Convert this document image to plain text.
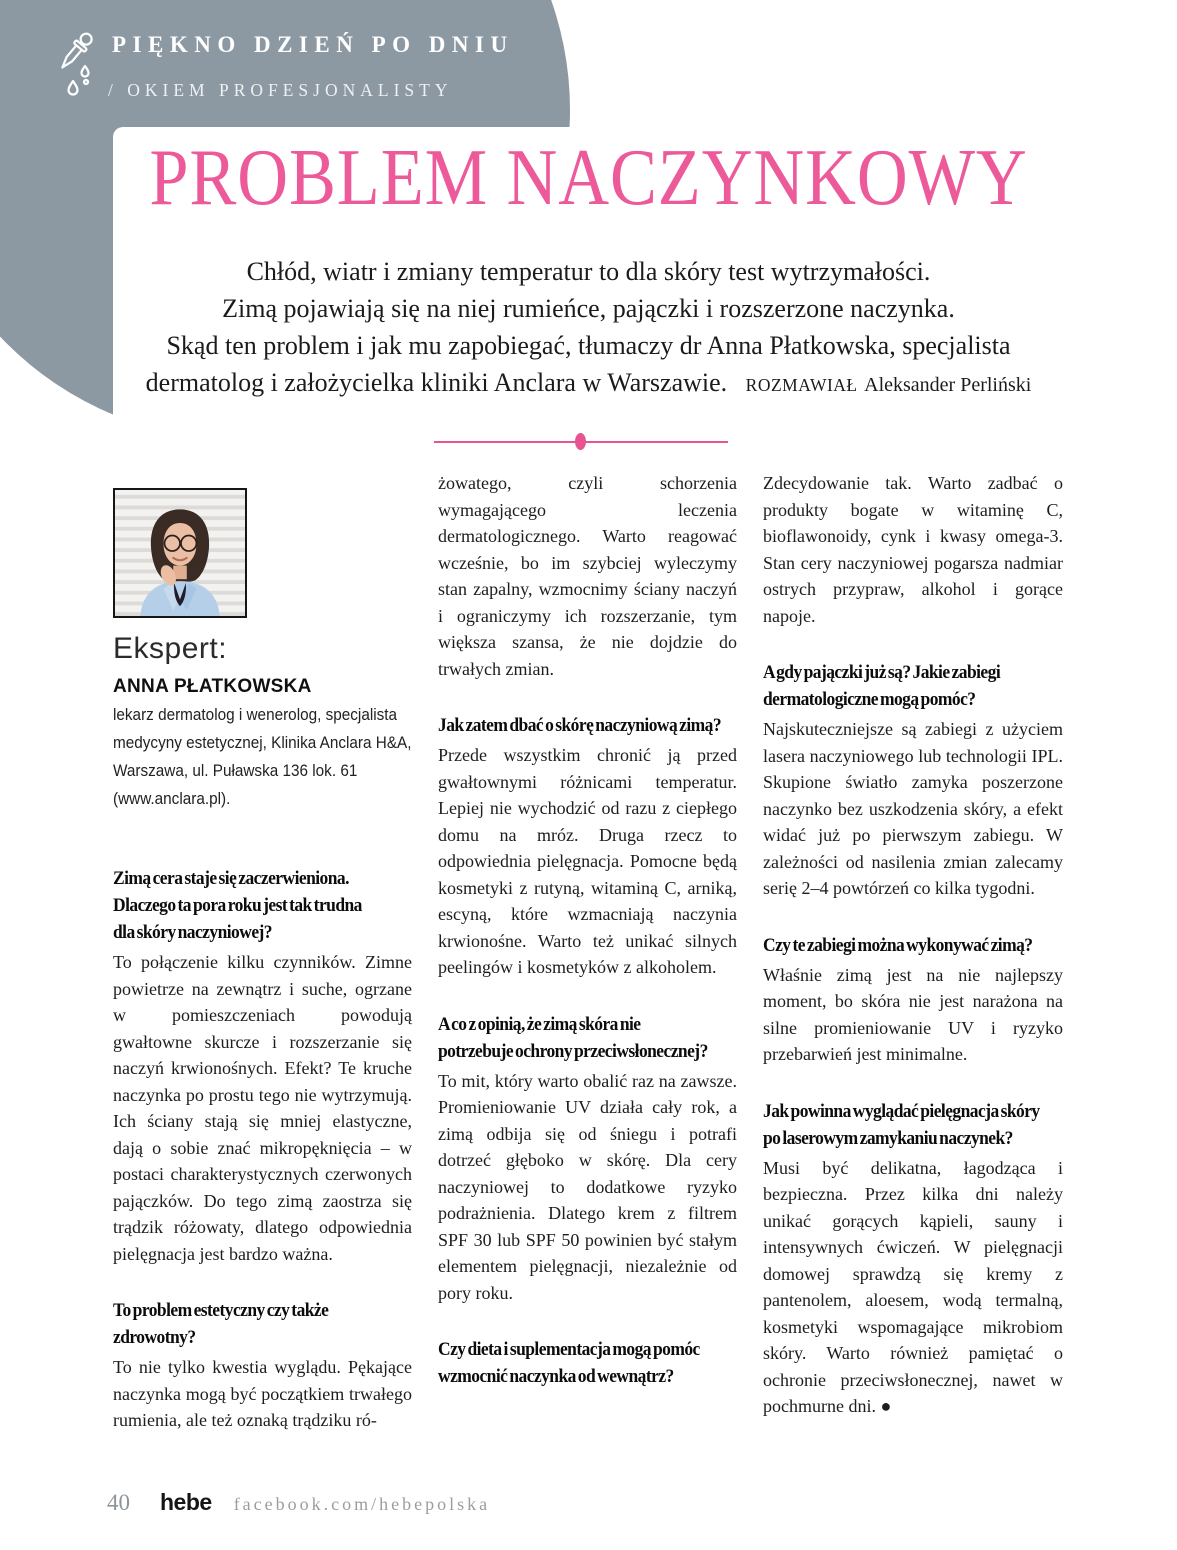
PIĘKNO DZIEŃ PO DNIU
/ OKIEM PROFESJONALISTY
PROBLEM NACZYNKOWY
Chłód, wiatr i zmiany temperatur to dla skóry test wytrzymałości.
Zimą pojawiają się na niej rumieńce, pajączki i rozszerzone naczynka.
Skąd ten problem i jak mu zapobiegać, tłumaczy dr Anna Płatkowska, specjalista
dermatolog i założycielka kliniki Anclara w Warszawie. ROZMAWIAŁ Aleksander Perliński
Ekspert:
ANNA PŁATKOWSKA
lekarz dermatolog i wenerolog, specjalista
medycyny estetycznej, Klinika Anclara H&A,
Warszawa, ul. Puławska 136 lok. 61
(www.anclara.pl).
Zimą cera staje się zaczerwieniona.
Dlaczego ta pora roku jest tak trudna
dla skóry naczyniowej?

To połączenie kilku czynników. Zimne powietrze na zewnątrz i suche, ogrzane w pomieszczeniach powodują gwałtowne skurcze i rozszerzanie się naczyń krwionośnych. Efekt? Te kruche naczynka po prostu tego nie wytrzymują. Ich ściany stają się mniej elastyczne, dają o sobie znać mikropęknięcia – w postaci charakterystycznych czerwonych pajączków. Do tego zimą zaostrza się trądzik różowaty, dlatego odpowiednia pielęgnacja jest bardzo ważna.

To problem estetyczny czy także
zdrowotny?

To nie tylko kwestia wyglądu. Pękające naczynka mogą być początkiem trwałego rumienia, ale też oznaką trądziku ró-

żowatego, czyli schorzenia wymagającego leczenia dermatologicznego. Warto reagować wcześnie, bo im szybciej wyleczymy stan zapalny, wzmocnimy ściany naczyń i ograniczymy ich rozszerzanie, tym większa szansa, że nie dojdzie do trwałych zmian.

Jak zatem dbać o skórę naczyniową zimą?

Przede wszystkim chronić ją przed gwałtownymi różnicami temperatur. Lepiej nie wychodzić od razu z ciepłego domu na mróz. Druga rzecz to odpowiednia pielęgnacja. Pomocne będą kosmetyki z rutyną, witaminą C, arniką, escyną, które wzmacniają naczynia krwionośne. Warto też unikać silnych peelingów i kosmetyków z alkoholem.

A co z opinią, że zimą skóra nie
potrzebuje ochrony przeciwsłonecznej?

To mit, który warto obalić raz na zawsze. Promieniowanie UV działa cały rok, a zimą odbija się od śniegu i potrafi dotrzeć głęboko w skórę. Dla cery naczyniowej to dodatkowe ryzyko podrażnienia. Dlatego krem z filtrem SPF 30 lub SPF 50 powinien być stałym elementem pielęgnacji, niezależnie od pory roku.

Czy dieta i suplementacja mogą pomóc
wzmocnić naczynka od wewnątrz?

Zdecydowanie tak. Warto zadbać o produkty bogate w witaminę C, bioflawonoidy, cynk i kwasy omega-3. Stan cery naczyniowej pogarsza nadmiar ostrych przypraw, alkohol i gorące napoje.

A gdy pajączki już są? Jakie zabiegi
dermatologiczne mogą pomóc?

Najskuteczniejsze są zabiegi z użyciem lasera naczyniowego lub technologii IPL. Skupione światło zamyka poszerzone naczynko bez uszkodzenia skóry, a efekt widać już po pierwszym zabiegu. W zależności od nasilenia zmian zalecamy serię 2–4 powtórzeń co kilka tygodni.

Czy te zabiegi można wykonywać zimą?

Właśnie zimą jest na nie najlepszy moment, bo skóra nie jest narażona na silne promieniowanie UV i ryzyko przebarwień jest minimalne.

Jak powinna wyglądać pielęgnacja skóry
po laserowym zamykaniu naczynek?

Musi być delikatna, łagodząca i bezpieczna. Przez kilka dni należy unikać gorących kąpieli, sauny i intensywnych ćwiczeń. W pielęgnacji domowej sprawdzą się kremy z pantenolem, aloesem, wodą termalną, kosmetyki wspomagające mikrobiom skóry. Warto również pamiętać o ochronie przeciwsłonecznej, nawet w pochmurne dni. ●

40 hebe facebook.com/hebepolska
